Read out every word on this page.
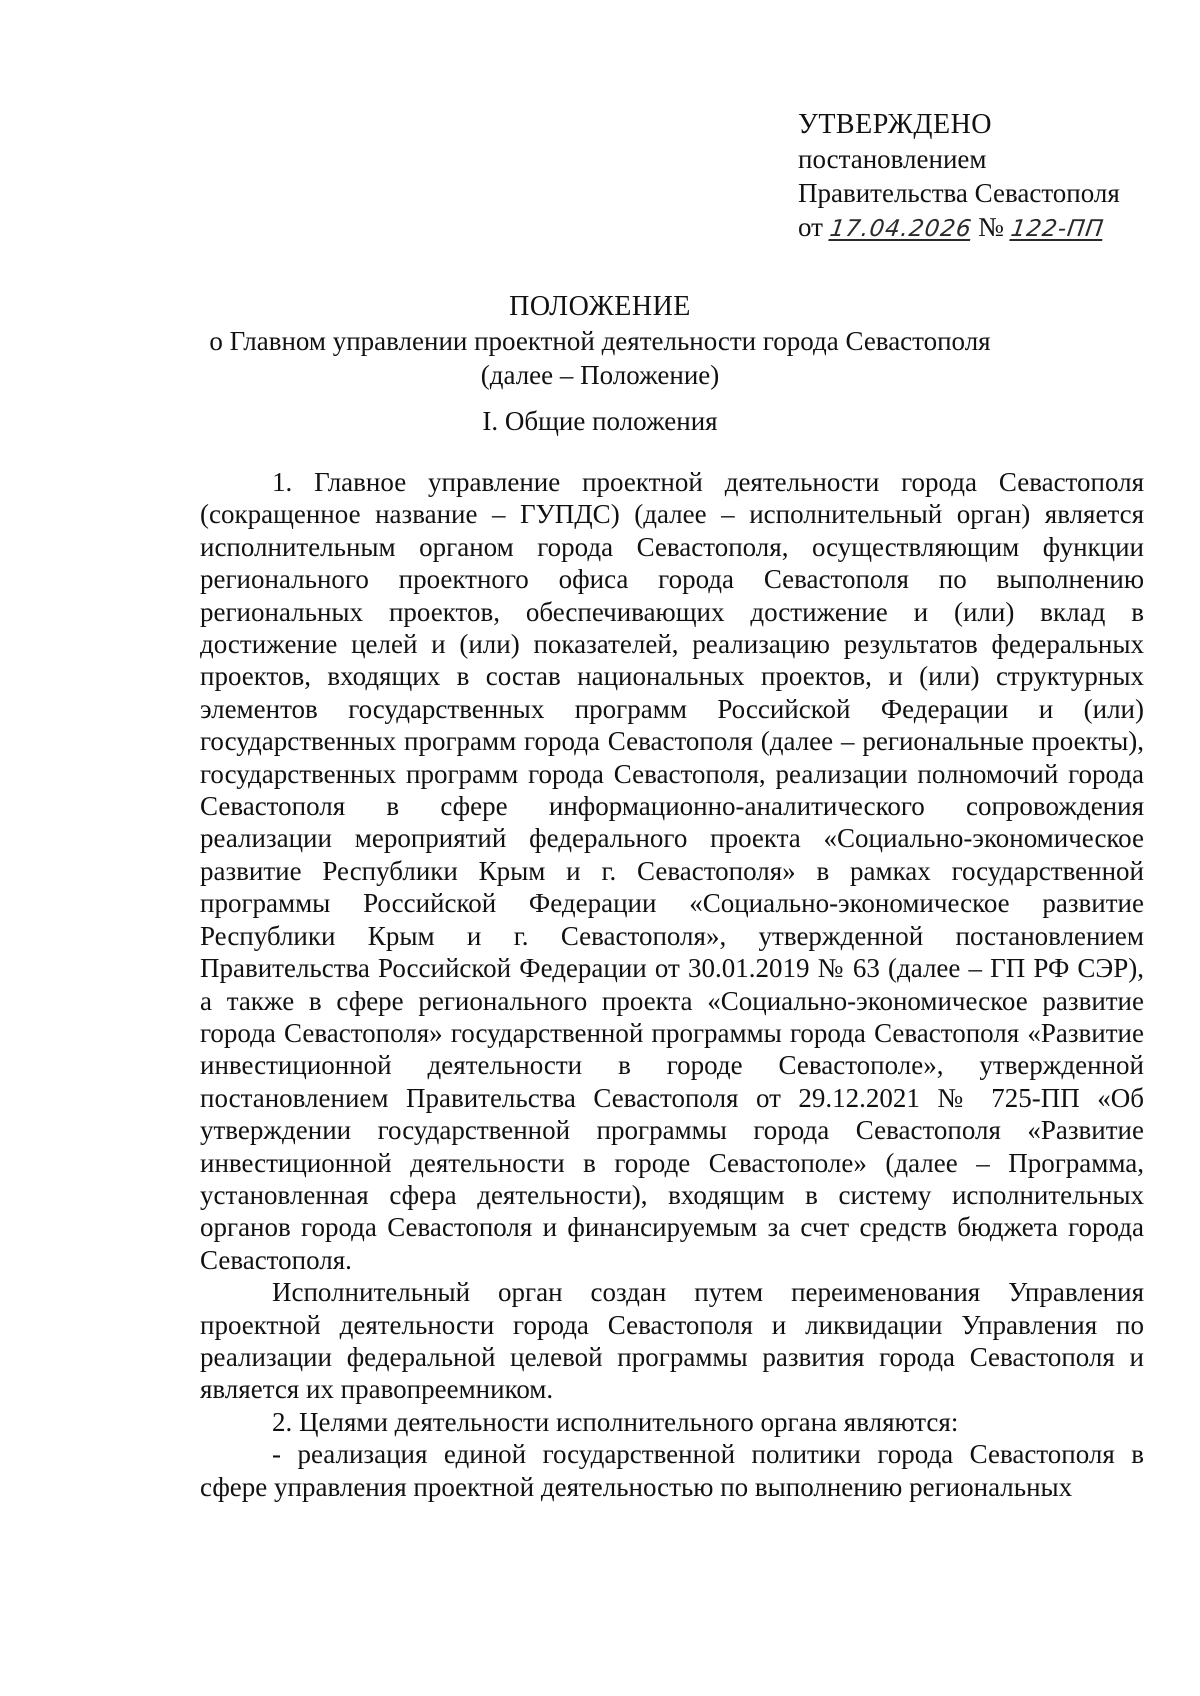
УТВЕРЖДЕНО
постановлением
Правительства Севастополя
от 17.04.2026 № 122-ПП
ПОЛОЖЕНИЕ
о Главном управлении проектной деятельности города Севастополя
(далее – Положение)
I. Общие положения

1. Главное управление проектной деятельности города Севастополя (сокращенное название – ГУПДС) (далее – исполнительный орган) является исполнительным органом города Севастополя, осуществляющим функции регионального проектного офиса города Севастополя по выполнению региональных проектов, обеспечивающих достижение и (или) вклад в достижение целей и (или) показателей, реализацию результатов федеральных проектов, входящих в состав национальных проектов, и (или) структурных элементов государственных программ Российской Федерации и (или) государственных программ города Севастополя (далее – региональные проекты), государственных программ города Севастополя, реализации полномочий города Севастополя в сфере информационно-аналитического сопровождения реализации мероприятий федерального проекта «Социально-экономическое развитие Республики Крым и г. Севастополя» в рамках государственной программы Российской Федерации «Социально-экономическое развитие Республики Крым и г. Севастополя», утвержденной постановлением Правительства Российской Федерации от 30.01.2019 № 63 (далее – ГП РФ СЭР), а также в сфере регионального проекта «Социально-экономическое развитие города Севастополя» государственной программы города Севастополя «Развитие инвестиционной деятельности в городе Севастополе», утвержденной постановлением Правительства Севастополя от 29.12.2021 № 725-ПП «Об утверждении государственной программы города Севастополя «Развитие инвестиционной деятельности в городе Севастополе» (далее – Программа, установленная сфера деятельности), входящим в систему исполнительных органов города Севастополя и финансируемым за счет средств бюджета города Севастополя.

Исполнительный орган создан путем переименования Управления проектной деятельности города Севастополя и ликвидации Управления по реализации федеральной целевой программы развития города Севастополя и является их правопреемником.

2. Целями деятельности исполнительного органа являются:

- реализация единой государственной политики города Севастополя в сфере управления проектной деятельностью по выполнению региональных
